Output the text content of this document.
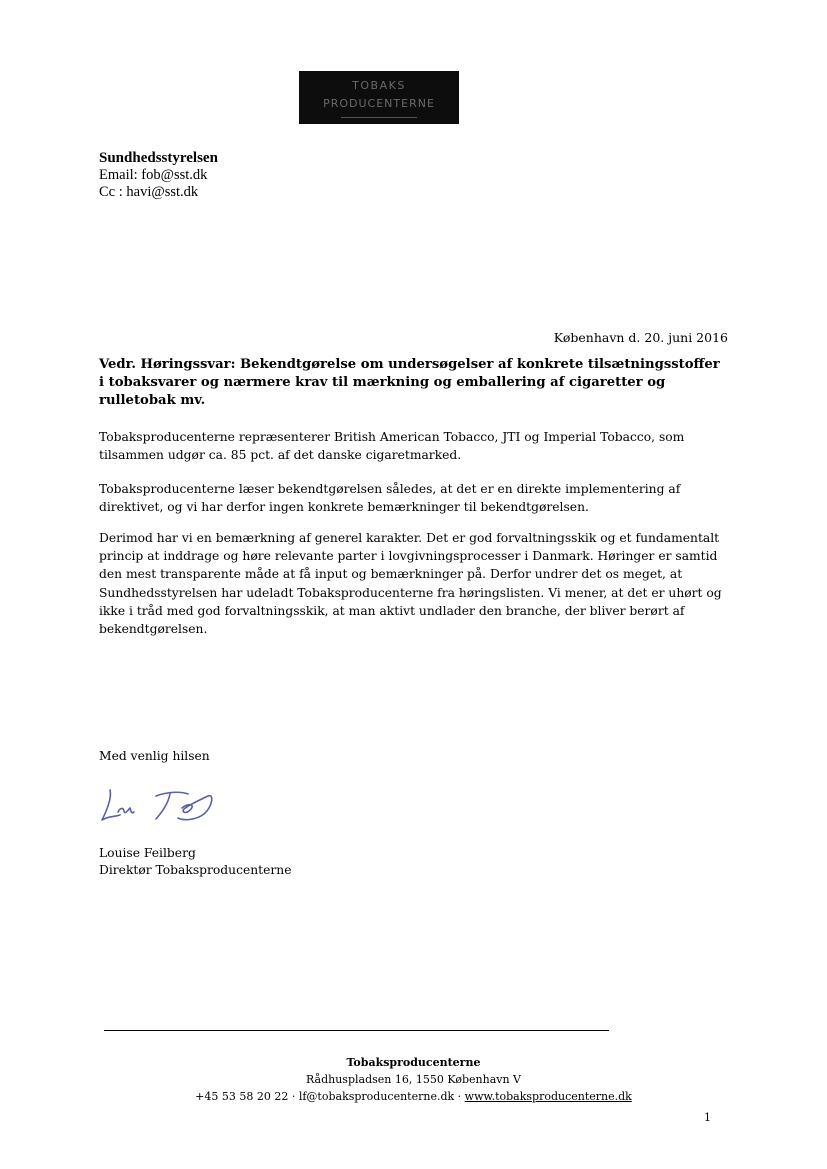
TOBAKS
PRODUCENTERNE
Sundhedsstyrelsen
Email: fob@sst.dk
Cc : havi@sst.dk
København d. 20. juni 2016
Vedr. Høringssvar: Bekendtgørelse om undersøgelser af konkrete tilsætningsstoffer i tobaksvarer og nærmere krav til mærkning og emballering af cigaretter og rulletobak mv.
Tobaksproducenterne repræsenterer British American Tobacco, JTI og Imperial Tobacco, som tilsammen udgør ca. 85 pct. af det danske cigaretmarked.
Tobaksproducenterne læser bekendtgørelsen således, at det er en direkte implementering af direktivet, og vi har derfor ingen konkrete bemærkninger til bekendtgørelsen.
Derimod har vi en bemærkning af generel karakter. Det er god forvaltningsskik og et fundamentalt princip at inddrage og høre relevante parter i lovgivningsprocesser i Danmark. Høringer er samtid den mest transparente måde at få input og bemærkninger på. Derfor undrer det os meget, at Sundhedsstyrelsen har udeladt Tobaksproducenterne fra høringslisten. Vi mener, at det er uhørt og ikke i tråd med god forvaltningsskik, at man aktivt undlader den branche, der bliver berørt af bekendtgørelsen.
Med venlig hilsen
Louise Feilberg
Direktør Tobaksproducenterne
Tobaksproducenterne
Rådhuspladsen 16, 1550 København V
+45 53 58 20 22 · lf@tobaksproducenterne.dk · www.tobaksproducenterne.dk
1
